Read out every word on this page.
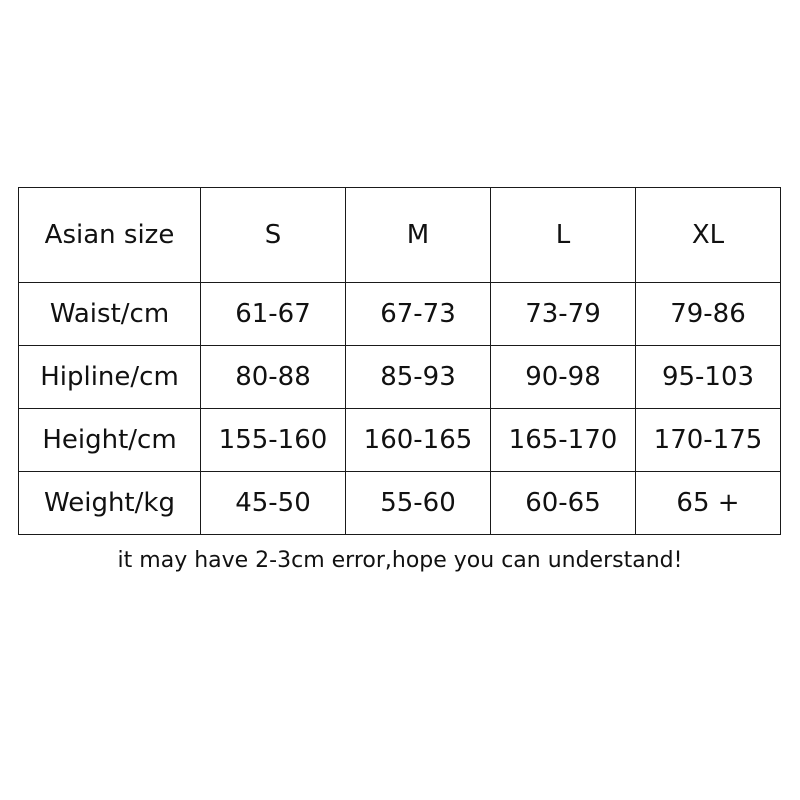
Asian size	S	M	L	XL
Waist/cm	61-67	67-73	73-79	79-86
Hipline/cm	80-88	85-93	90-98	95-103
Height/cm	155-160	160-165	165-170	170-175
Weight/kg	45-50	55-60	60-65	65 +
it may have 2-3cm error,hope you can understand!
